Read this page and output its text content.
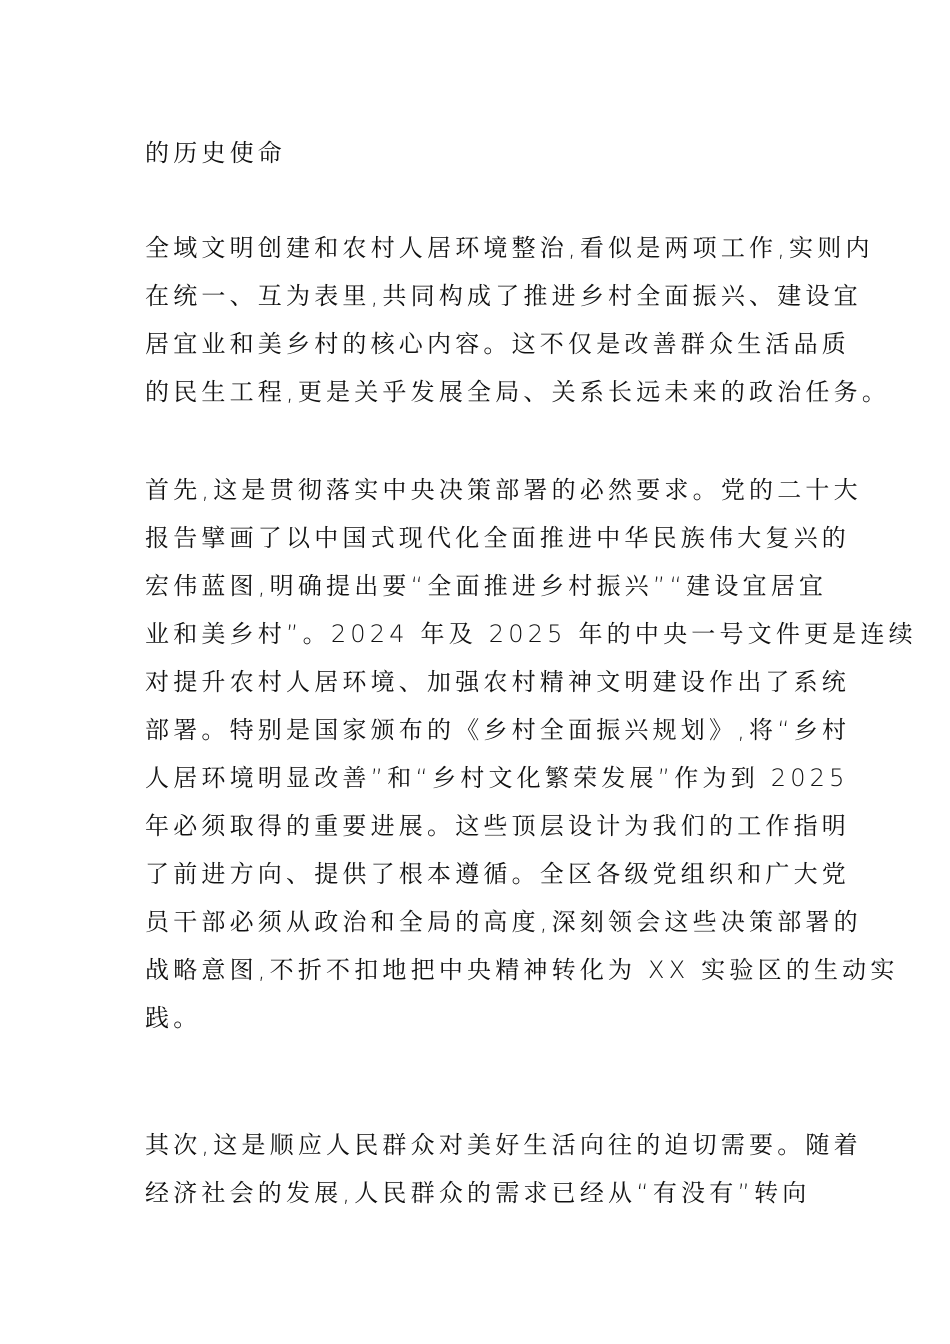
的历史使命
全域文明创建和农村人居环境整治,看似是两项工作,实则内
在统一、互为表里,共同构成了推进乡村全面振兴、建设宜
居宜业和美乡村的核心内容。这不仅是改善群众生活品质
的民生工程,更是关乎发展全局、关系长远未来的政治任务。
首先,这是贯彻落实中央决策部署的必然要求。党的二十大
报告擘画了以中国式现代化全面推进中华民族伟大复兴的
宏伟蓝图,明确提出要“全面推进乡村振兴”“建设宜居宜
业和美乡村”。2024 年及 2025 年的中央一号文件更是连续
对提升农村人居环境、加强农村精神文明建设作出了系统
部署。特别是国家颁布的《乡村全面振兴规划》,将“乡村
人居环境明显改善”和“乡村文化繁荣发展”作为到 2025
年必须取得的重要进展。这些顶层设计为我们的工作指明
了前进方向、提供了根本遵循。全区各级党组织和广大党
员干部必须从政治和全局的高度,深刻领会这些决策部署的
战略意图,不折不扣地把中央精神转化为 XX 实验区的生动实
践。
其次,这是顺应人民群众对美好生活向往的迫切需要。随着
经济社会的发展,人民群众的需求已经从“有没有”转向
